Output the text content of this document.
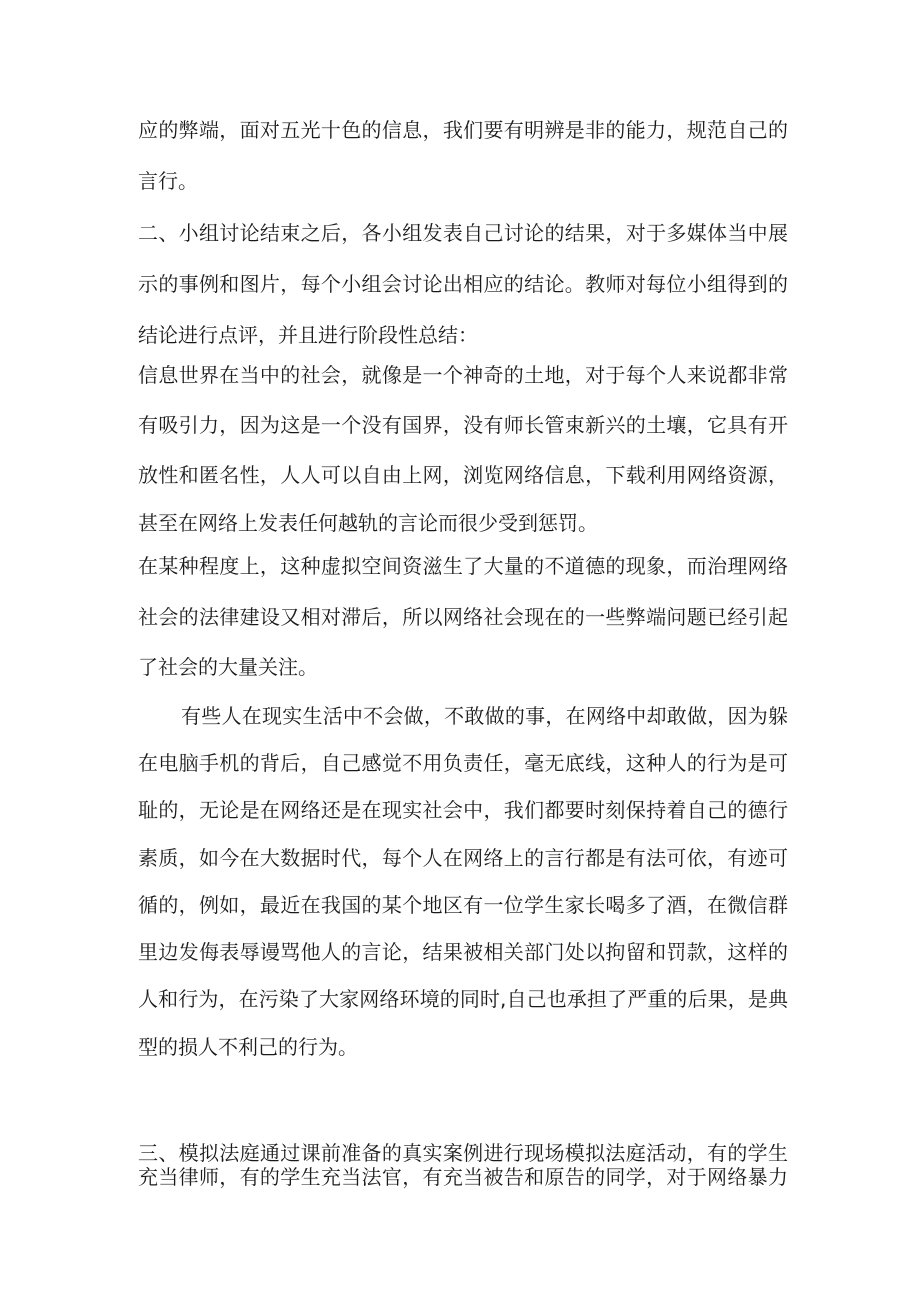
应的弊端，面对五光十色的信息，我们要有明辨是非的能力，规范自己的

言行。

二、小组讨论结束之后，各小组发表自己讨论的结果，对于多媒体当中展

示的事例和图片，每个小组会讨论出相应的结论。教师对每位小组得到的

结论进行点评，并且进行阶段性总结：

信息世界在当中的社会，就像是一个神奇的土地，对于每个人来说都非常

有吸引力，因为这是一个没有国界，没有师长管束新兴的土壤，它具有开

放性和匿名性，人人可以自由上网，浏览网络信息，下载利用网络资源，

甚至在网络上发表任何越轨的言论而很少受到惩罚。

在某种程度上，这种虚拟空间资滋生了大量的不道德的现象，而治理网络

社会的法律建设又相对滞后，所以网络社会现在的一些弊端问题已经引起

了社会的大量关注。

有些人在现实生活中不会做，不敢做的事，在网络中却敢做，因为躲

在电脑手机的背后，自己感觉不用负责任，毫无底线，这种人的行为是可

耻的，无论是在网络还是在现实社会中，我们都要时刻保持着自己的德行

素质，如今在大数据时代，每个人在网络上的言行都是有法可依，有迹可

循的，例如，最近在我国的某个地区有一位学生家长喝多了酒，在微信群

里边发侮表辱谩骂他人的言论，结果被相关部门处以拘留和罚款，这样的

人和行为，在污染了大家网络环境的同时,自己也承担了严重的后果，是典

型的损人不利己的行为。

三、模拟法庭通过课前准备的真实案例进行现场模拟法庭活动，有的学生

充当律师，有的学生充当法官，有充当被告和原告的同学，对于网络暴力
